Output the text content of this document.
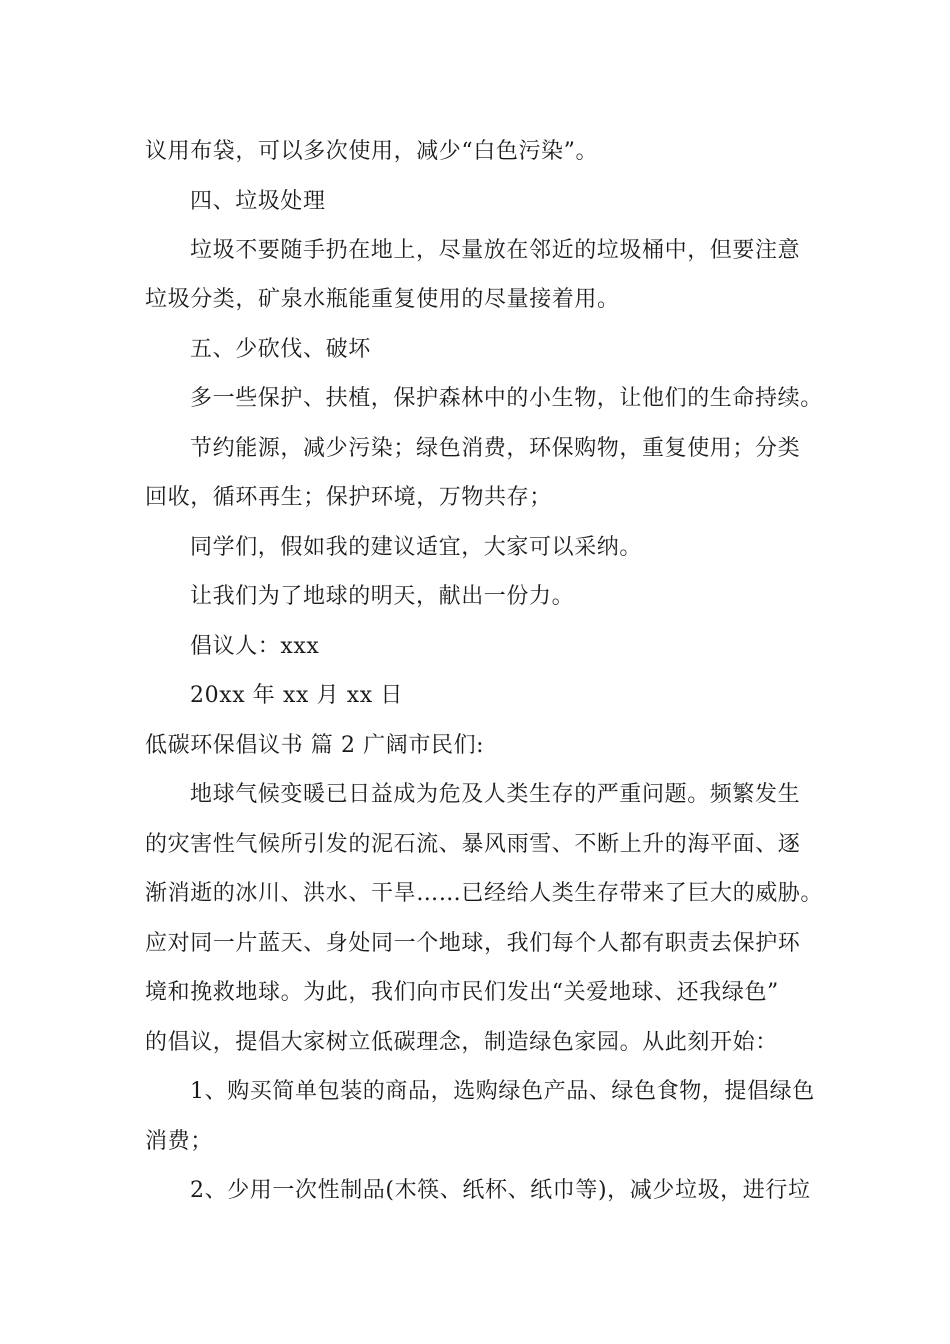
议用布袋，可以多次使用，减少“白色污染”。
四、垃圾处理
垃圾不要随手扔在地上，尽量放在邻近的垃圾桶中，但要注意
垃圾分类，矿泉水瓶能重复使用的尽量接着用。
五、少砍伐、破坏
多一些保护、扶植，保护森林中的小生物，让他们的生命持续。
节约能源，减少污染；绿色消费，环保购物，重复使用；分类
回收，循环再生；保护环境，万物共存；
同学们，假如我的建议适宜，大家可以采纳。
让我们为了地球的明天，献出一份力。
倡议人：xxx
20xx 年 xx 月 xx 日
低碳环保倡议书 篇 2 广阔市民们:
地球气候变暖已日益成为危及人类生存的严重问题。频繁发生
的灾害性气候所引发的泥石流、暴风雨雪、不断上升的海平面、逐
渐消逝的冰川、洪水、干旱……已经给人类生存带来了巨大的威胁。
应对同一片蓝天、身处同一个地球，我们每个人都有职责去保护环
境和挽救地球。为此，我们向市民们发出“关爱地球、还我绿色”
的倡议，提倡大家树立低碳理念，制造绿色家园。从此刻开始：
1、购买简单包装的商品，选购绿色产品、绿色食物，提倡绿色
消费；
2、少用一次性制品(木筷、纸杯、纸巾等)，减少垃圾，进行垃
